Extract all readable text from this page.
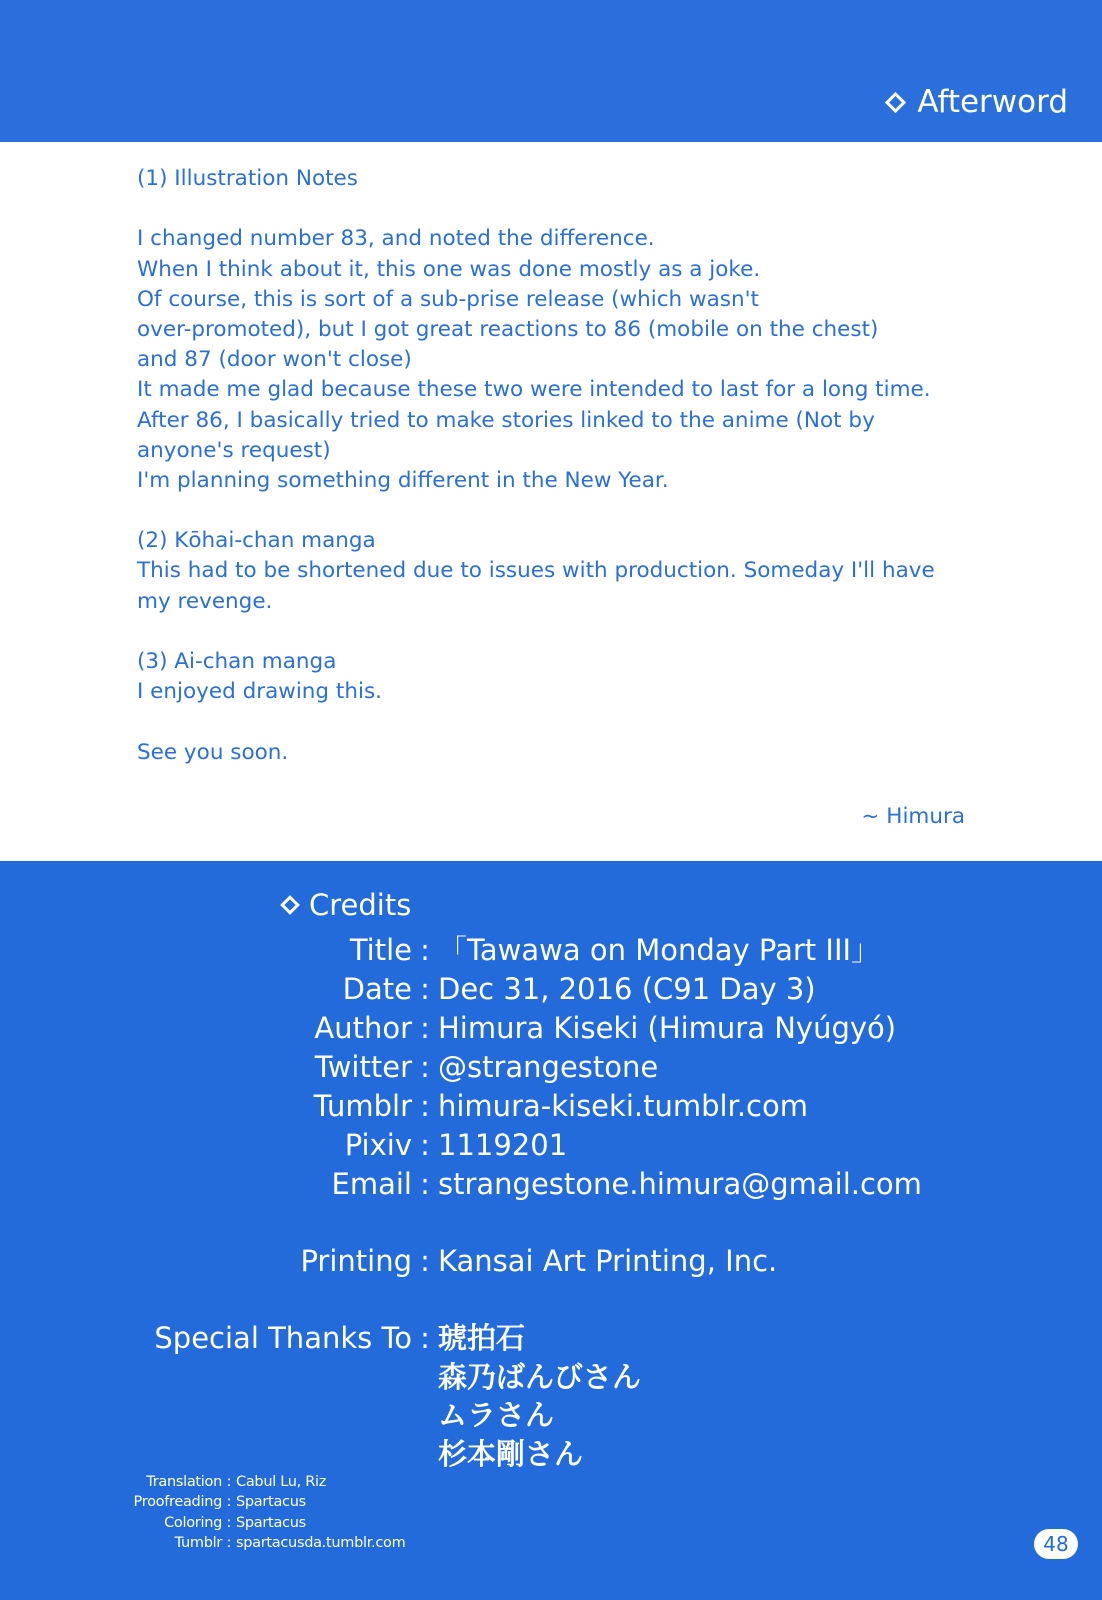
Afterword
(1) Illustration Notes
I changed number 83, and noted the difference.
When I think about it, this one was done mostly as a joke.
Of course, this is sort of a sub-prise release (which wasn't
over-promoted), but I got great reactions to 86 (mobile on the chest)
and 87 (door won't close)
It made me glad because these two were intended to last for a long time.
After 86, I basically tried to make stories linked to the anime (Not by
anyone's request)
I'm planning something different in the New Year.
(2) Kōhai-chan manga
This had to be shortened due to issues with production. Someday I'll have
my revenge.
(3) Ai-chan manga
I enjoyed drawing this.
See you soon.
~ Himura
Credits
Title : 「Tawawa on Monday Part III」
Date : Dec 31, 2016 (C91 Day 3)
Author : Himura Kiseki (Himura Nyúgyó)
Twitter : @strangestone
Tumblr : himura-kiseki.tumblr.com
Pixiv : 1119201
Email : strangestone.himura@gmail.com
Printing : Kansai Art Printing, Inc.
Special Thanks To : 琥拍石
森乃ばんびさん
ムラさん
杉本剛さん
Translation : Cabul Lu, Riz
Proofreading : Spartacus
Coloring : Spartacus
Tumblr : spartacusda.tumblr.com	48
